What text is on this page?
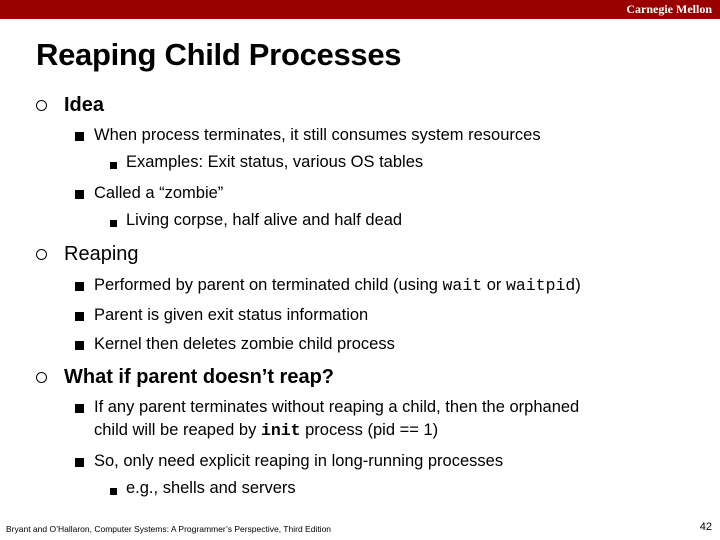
Carnegie Mellon
Reaping Child Processes
Idea
When process terminates, it still consumes system resources
Examples: Exit status, various OS tables
Called a “zombie”
Living corpse, half alive and half dead
Reaping
Performed by parent on terminated child (using wait or waitpid)
Parent is given exit status information
Kernel then deletes zombie child process
What if parent doesn’t reap?
If any parent terminates without reaping a child, then the orphaned
child will be reaped by init process (pid == 1)
So, only need explicit reaping in long-running processes
e.g., shells and servers
Bryant and O’Hallaron, Computer Systems: A Programmer’s Perspective, Third Edition	42
